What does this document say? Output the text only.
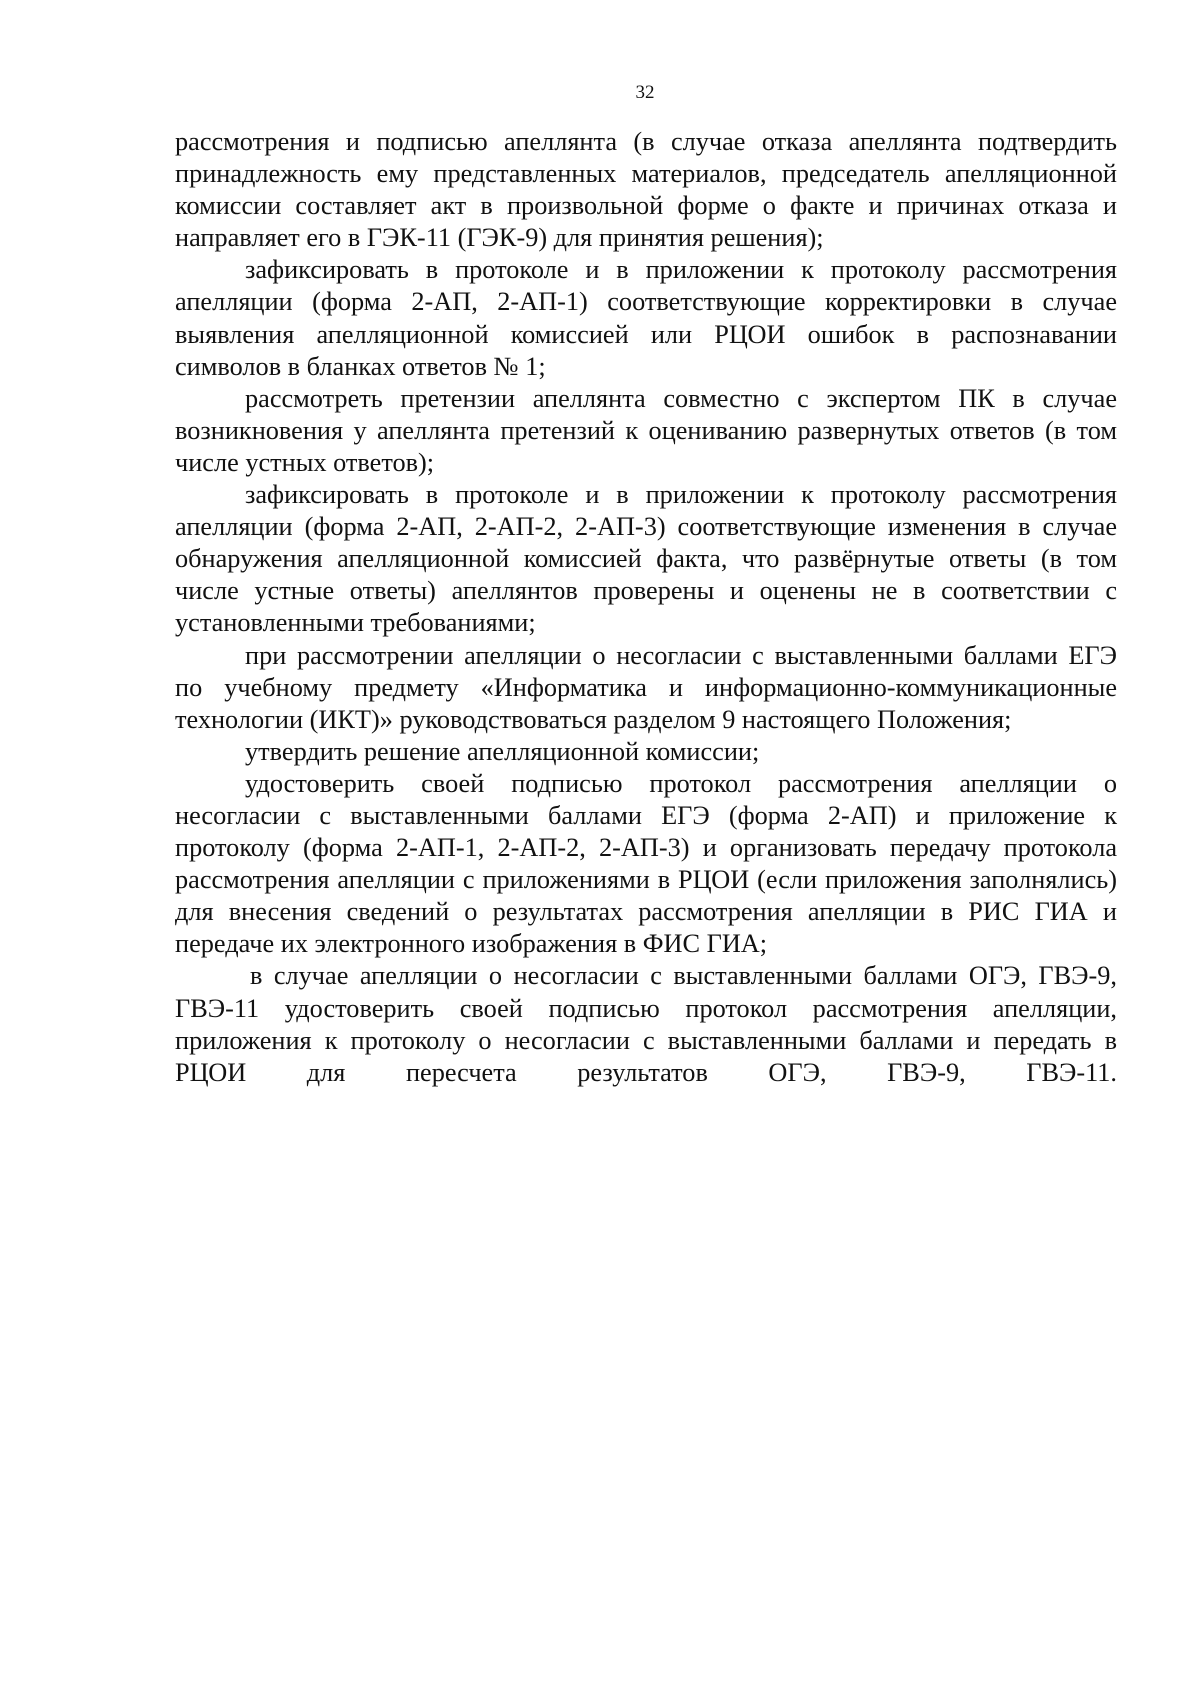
32

рассмотрения и подписью апеллянта (в случае отказа апеллянта подтвердить принадлежность ему представленных материалов, председатель апелляционной комиссии составляет акт в произвольной форме о факте и причинах отказа и направляет его в ГЭК-11 (ГЭК-9) для принятия решения);

зафиксировать в протоколе и в приложении к протоколу рассмотрения апелляции (форма 2-АП, 2-АП-1) соответствующие корректировки в случае выявления апелляционной комиссией или РЦОИ ошибок в распознавании символов в бланках ответов № 1;

рассмотреть претензии апеллянта совместно с экспертом ПК в случае возникновения у апеллянта претензий к оцениванию развернутых ответов (в том числе устных ответов);

зафиксировать в протоколе и в приложении к протоколу рассмотрения апелляции (форма 2-АП, 2-АП-2, 2-АП-3) соответствующие изменения в случае обнаружения апелляционной комиссией факта, что развёрнутые ответы (в том числе устные ответы) апеллянтов проверены и оценены не в соответствии с установленными требованиями;

при рассмотрении апелляции о несогласии с выставленными баллами ЕГЭ по учебному предмету «Информатика и информационно-коммуникационные технологии (ИКТ)» руководствоваться разделом 9 настоящего Положения;

утвердить решение апелляционной комиссии;

удостоверить своей подписью протокол рассмотрения апелляции о несогласии с выставленными баллами ЕГЭ (форма 2-АП) и приложение к протоколу (форма 2-АП-1, 2-АП-2, 2-АП-3) и организовать передачу протокола рассмотрения апелляции с приложениями в РЦОИ (если приложения заполнялись) для внесения сведений о результатах рассмотрения апелляции в РИС ГИА и передаче их электронного изображения в ФИС ГИА;

в случае апелляции о несогласии с выставленными баллами ОГЭ, ГВЭ-9, ГВЭ-11 удостоверить своей подписью протокол рассмотрения апелляции, приложения к протоколу о несогласии с выставленными баллами и передать в РЦОИ для пересчета результатов ОГЭ, ГВЭ-9, ГВЭ-11.
